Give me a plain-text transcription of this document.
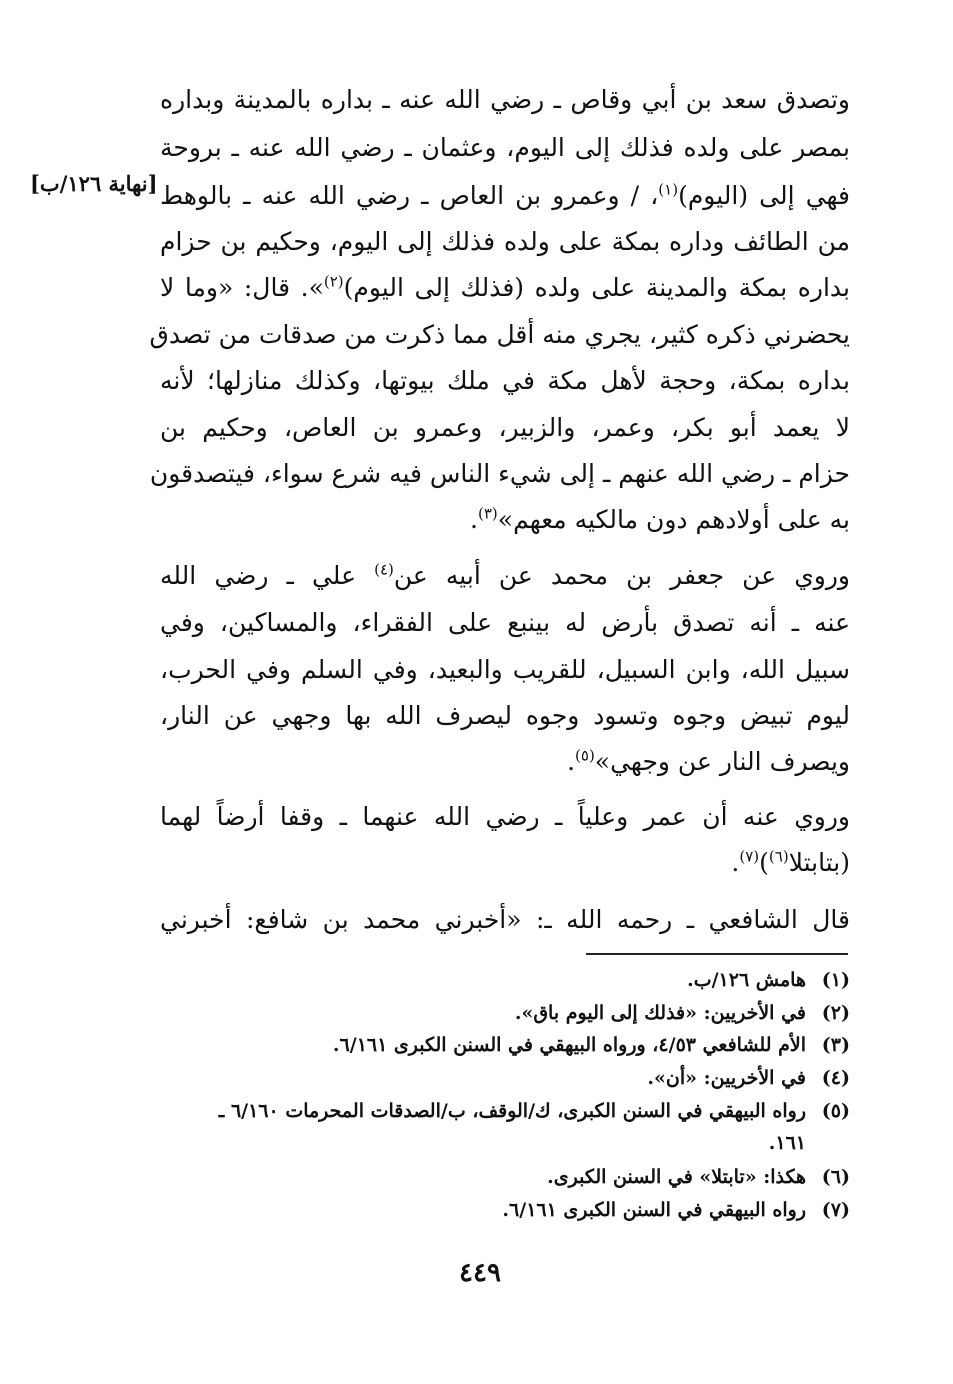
[نهاية ١٢٦/ب]
وتصدق سعد بن أبي وقاص ـ رضي الله عنه ـ بداره بالمدينة وبداره
بمصر على ولده فذلك إلى اليوم، وعثمان ـ رضي الله عنه ـ بروحة
فهي إلى (اليوم)$^{(١)}$، / وعمرو بن العاص ـ رضي الله عنه ـ بالوهط
من الطائف وداره بمكة على ولده فذلك إلى اليوم، وحكيم بن حزام
بداره بمكة والمدينة على ولده (فذلك إلى اليوم)$^{(٢)}$». قال: «وما لا
يحضرني ذكره كثير، يجري منه أقل مما ذكرت من صدقات من تصدق
بداره بمكة، وحجة لأهل مكة في ملك بيوتها، وكذلك منازلها؛ لأنه
لا يعمد أبو بكر، وعمر، والزبير، وعمرو بن العاص، وحكيم بن
حزام ـ رضي الله عنهم ـ إلى شيء الناس فيه شرع سواء، فيتصدقون
به على أولادهم دون مالكيه معهم»$^{(٣)}$.
وروي عن جعفر بن محمد عن أبيه عن$^{(٤)}$ علي ـ رضي الله
عنه ـ أنه تصدق بأرض له بينبع على الفقراء، والمساكين، وفي
سبيل الله، وابن السبيل، للقريب والبعيد، وفي السلم وفي الحرب،
ليوم تبيض وجوه وتسود وجوه ليصرف الله بها وجهي عن النار،
ويصرف النار عن وجهي»$^{(٥)}$.
وروي عنه أن عمر وعلياً ـ رضي الله عنهما ـ وقفا أرضاً لهما
(بتابتلا$^{(٦)}$)$^{(٧)}$.
قال الشافعي ـ رحمه الله ـ: «أخبرني محمد بن شافع: أخبرني
(١)هامش ١٢٦/ب.
(٢)في الأخريين: «فذلك إلى اليوم باق».
(٣)الأم للشافعي ٤/٥٣، ورواه البيهقي في السنن الكبرى ٦/١٦١.
(٤)في الأخريين: «أن».
(٥)رواه البيهقي في السنن الكبرى، ك/الوقف، ب/الصدقات المحرمات ٦/١٦٠ ـ
١٦١.
(٦)هكذا: «تابتلا» في السنن الكبرى.
(٧)رواه البيهقي في السنن الكبرى ٦/١٦١.
٤٤٩
